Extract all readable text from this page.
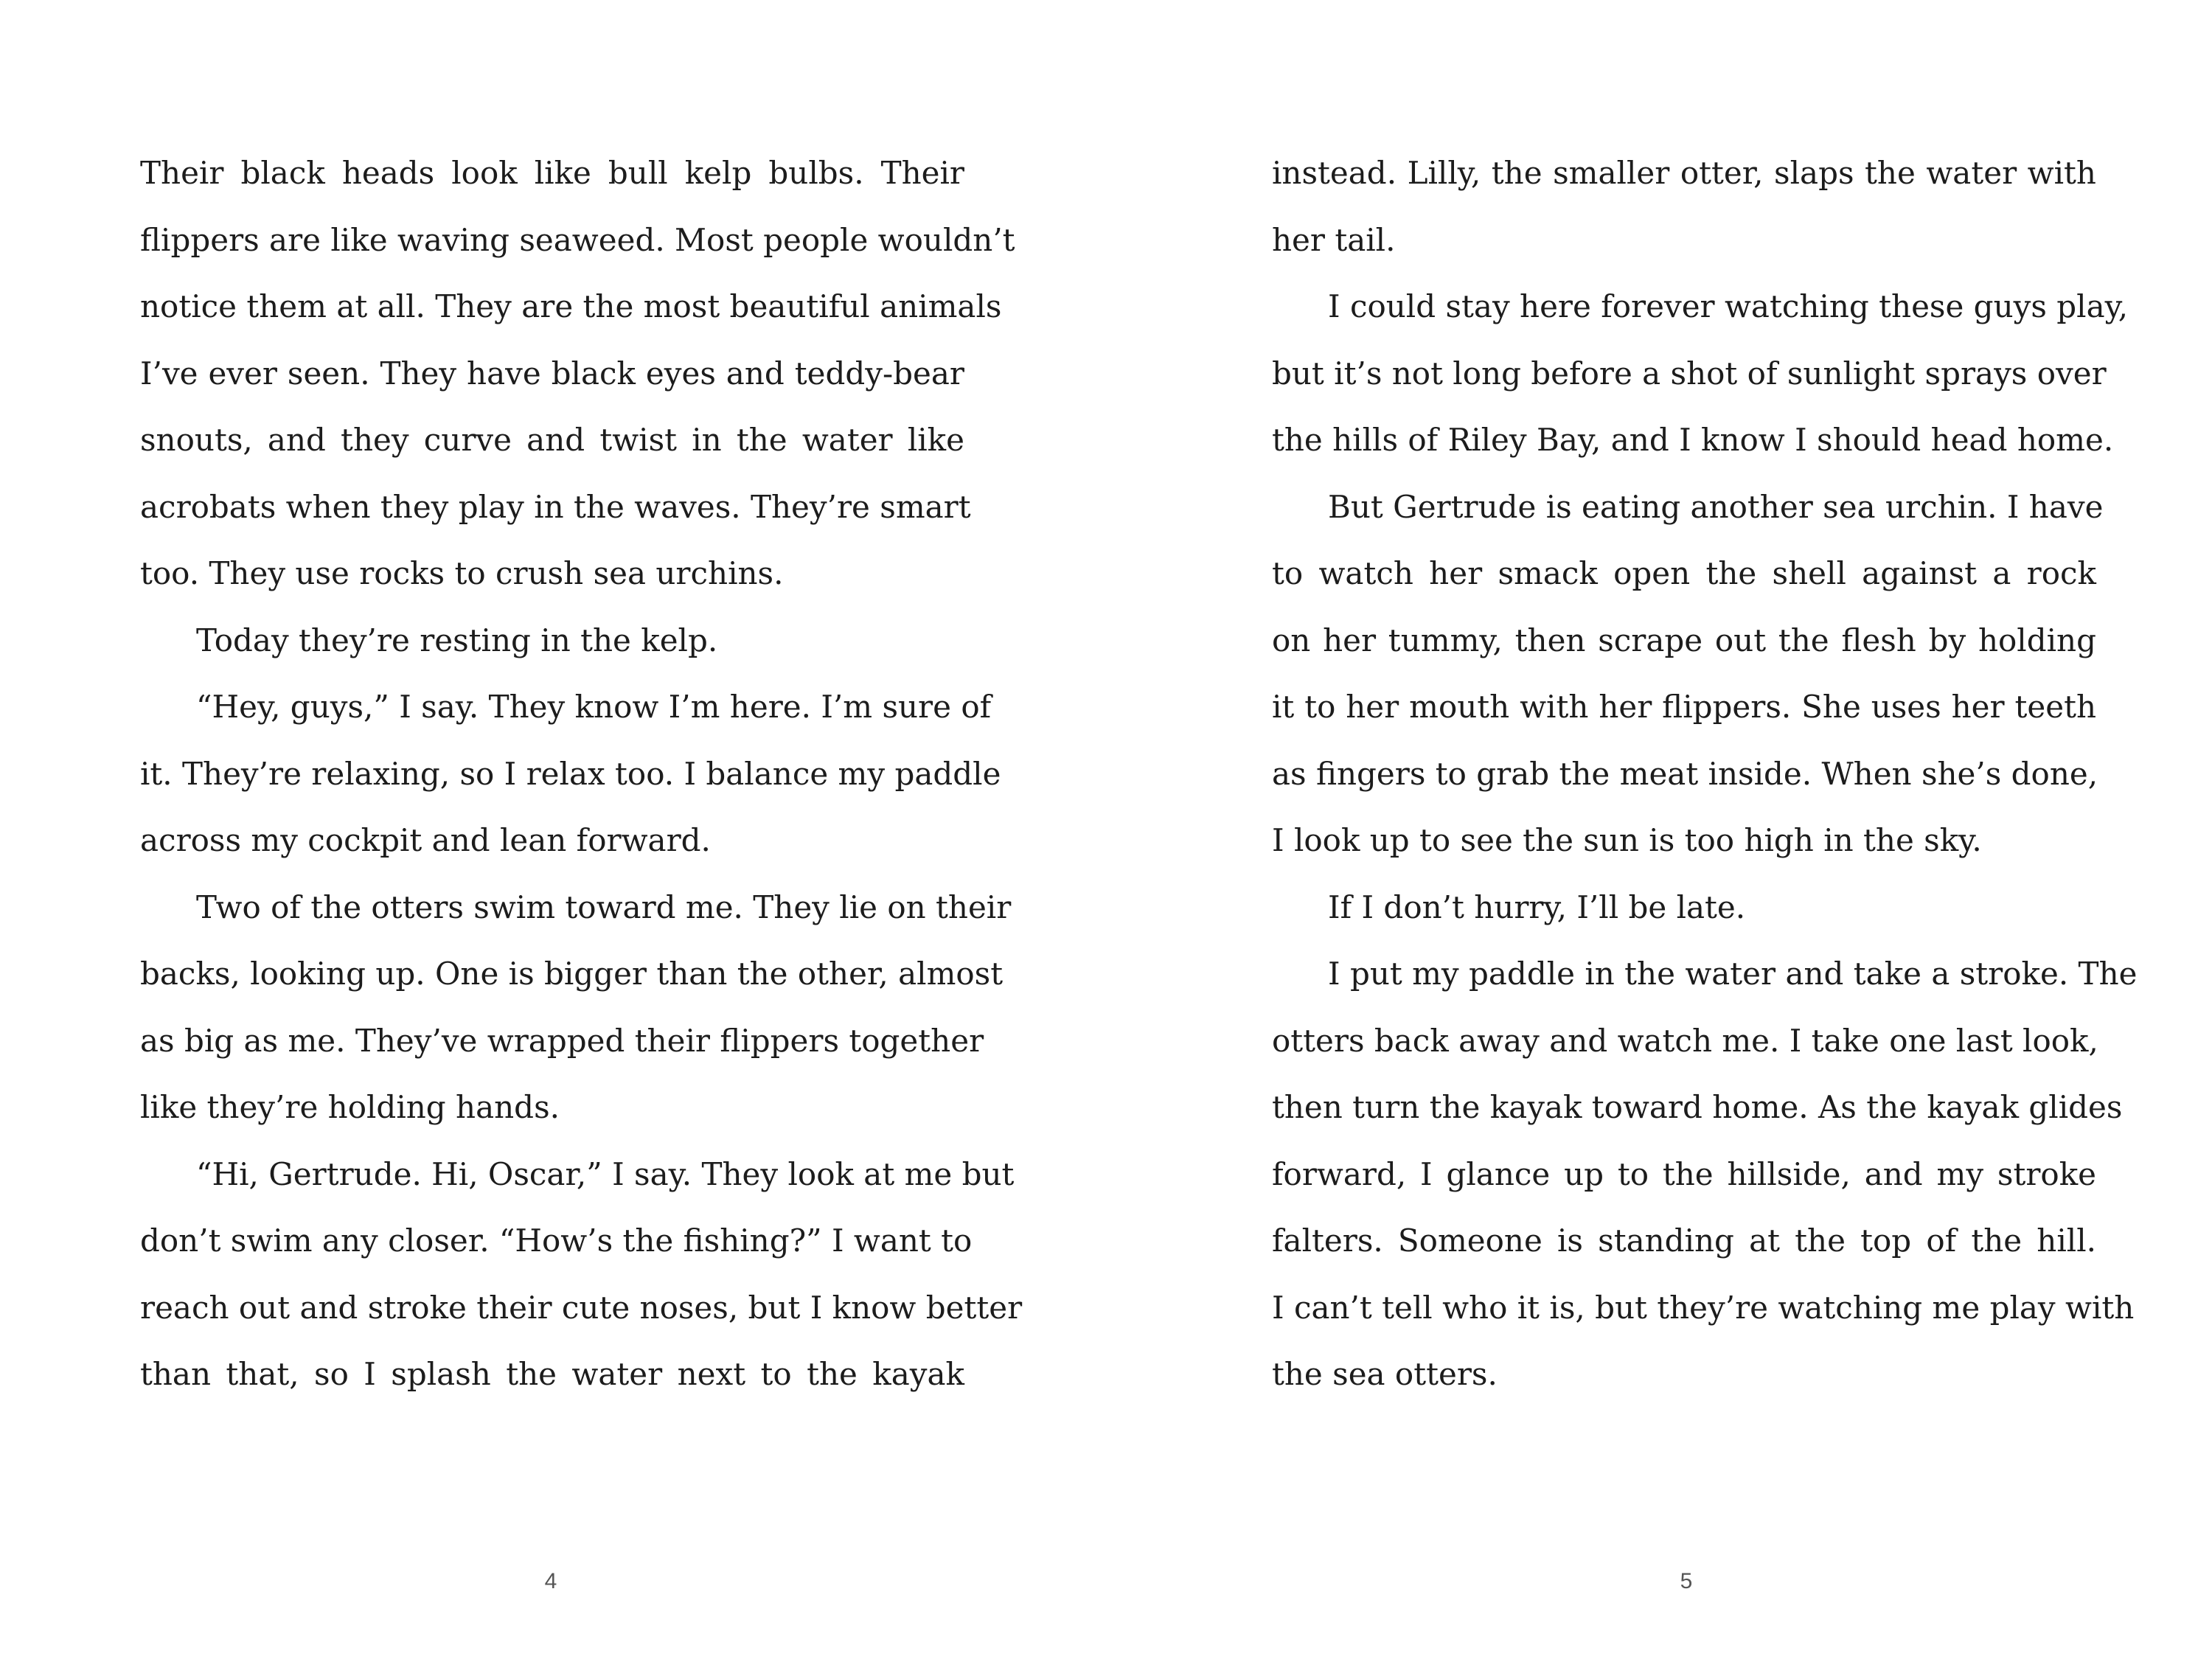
Their black heads look like bull kelp bulbs. Their
flippers are like waving seaweed. Most people wouldn’t
notice them at all. They are the most beautiful animals
I’ve ever seen. They have black eyes and teddy-bear
snouts, and they curve and twist in the water like
acrobats when they play in the waves. They’re smart
too. They use rocks to crush sea urchins.
Today they’re resting in the kelp.
“Hey, guys,” I say. They know I’m here. I’m sure of
it. They’re relaxing, so I relax too. I balance my paddle
across my cockpit and lean forward.
Two of the otters swim toward me. They lie on their
backs, looking up. One is bigger than the other, almost
as big as me. They’ve wrapped their flippers together
like they’re holding hands.
“Hi, Gertrude. Hi, Oscar,” I say. They look at me but
don’t swim any closer. “How’s the fishing?” I want to
reach out and stroke their cute noses, but I know better
than that, so I splash the water next to the kayak
4
instead. Lilly, the smaller otter, slaps the water with
her tail.
I could stay here forever watching these guys play,
but it’s not long before a shot of sunlight sprays over
the hills of Riley Bay, and I know I should head home.
But Gertrude is eating another sea urchin. I have
to watch her smack open the shell against a rock
on her tummy, then scrape out the flesh by holding
it to her mouth with her flippers. She uses her teeth
as fingers to grab the meat inside. When she’s done,
I look up to see the sun is too high in the sky.
If I don’t hurry, I’ll be late.
I put my paddle in the water and take a stroke. The
otters back away and watch me. I take one last look,
then turn the kayak toward home. As the kayak glides
forward, I glance up to the hillside, and my stroke
falters. Someone is standing at the top of the hill.
I can’t tell who it is, but they’re watching me play with
the sea otters.
5
